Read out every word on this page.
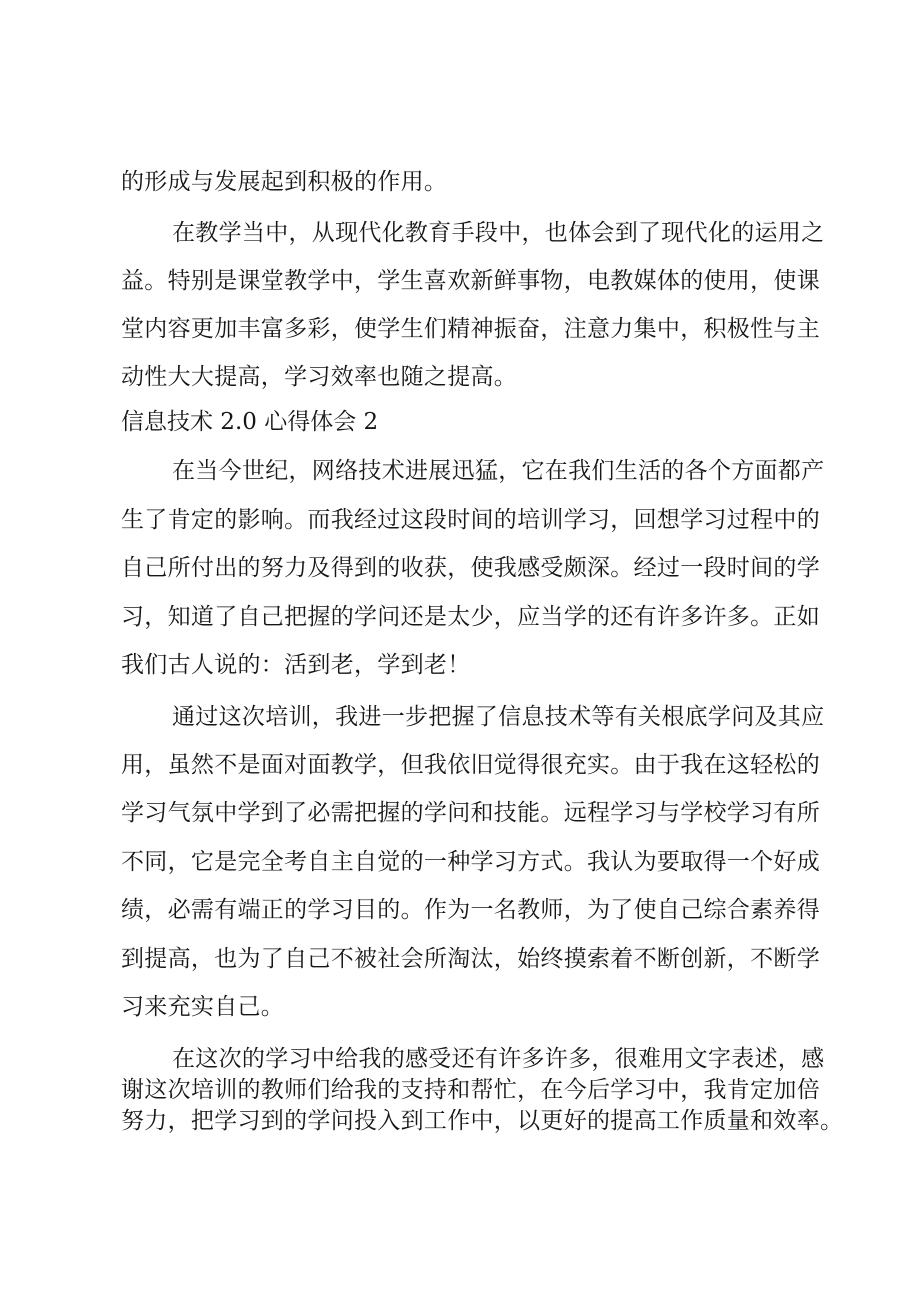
的形成与发展起到积极的作用。

在教学当中，从现代化教育手段中，也体会到了现代化的运用之

益。特别是课堂教学中，学生喜欢新鲜事物，电教媒体的使用，使课

堂内容更加丰富多彩，使学生们精神振奋，注意力集中，积极性与主

动性大大提高，学习效率也随之提高。

信息技术 2.0 心得体会 2

在当今世纪，网络技术进展迅猛，它在我们生活的各个方面都产

生了肯定的影响。而我经过这段时间的培训学习，回想学习过程中的

自己所付出的努力及得到的收获，使我感受颇深。经过一段时间的学

习，知道了自己把握的学问还是太少，应当学的还有许多许多。正如

我们古人说的：活到老，学到老！

通过这次培训，我进一步把握了信息技术等有关根底学问及其应

用，虽然不是面对面教学，但我依旧觉得很充实。由于我在这轻松的

学习气氛中学到了必需把握的学问和技能。远程学习与学校学习有所

不同，它是完全考自主自觉的一种学习方式。我认为要取得一个好成

绩，必需有端正的学习目的。作为一名教师，为了使自己综合素养得

到提高，也为了自己不被社会所淘汰，始终摸索着不断创新，不断学

习来充实自己。

在这次的学习中给我的感受还有许多许多，很难用文字表述，感

谢这次培训的教师们给我的支持和帮忙，在今后学习中，我肯定加倍

努力，把学习到的学问投入到工作中，以更好的提高工作质量和效率。
